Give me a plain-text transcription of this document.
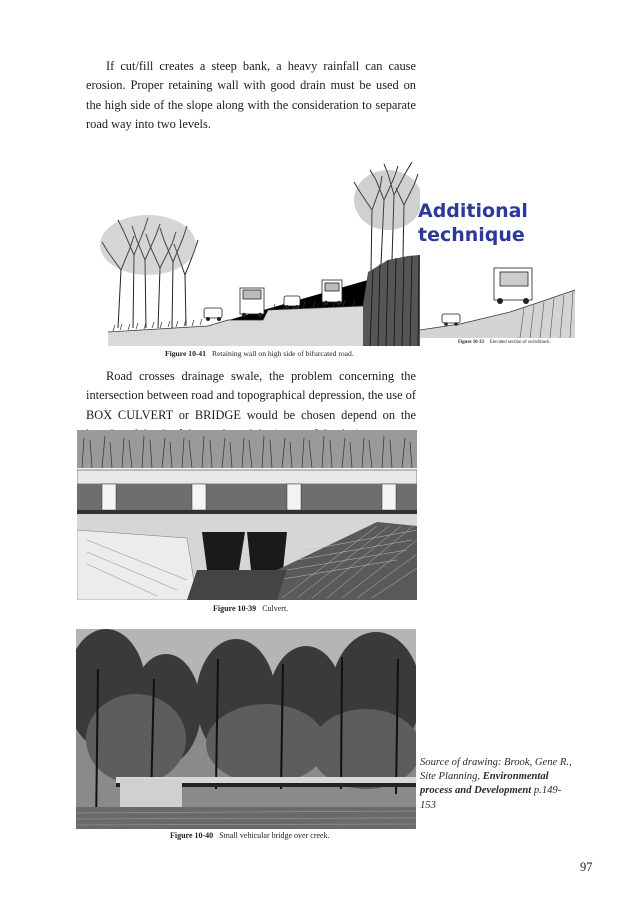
If cut/fill creates a steep bank, a heavy rainfall can cause erosion. Proper retaining wall with good drain must be used on the high side of the slope along with the consideration to separate road way into two levels.

Figure 10-41 Retaining wall on high side of bifurcated road.
Additional
technique
Figure 10-33 Elevated section of switchback.

Road crosses drainage swale, the problem concerning the intersection between road and topographical depression, the use of BOX CULVERT or BRIDGE would be chosen depend on the

Figure 10-39 Culvert.
Figure 10-40 Small vehicular bridge over creek.
Source of drawing: Brook, Gene R., Site Planning, Environmental process and Development p.149-153
97
